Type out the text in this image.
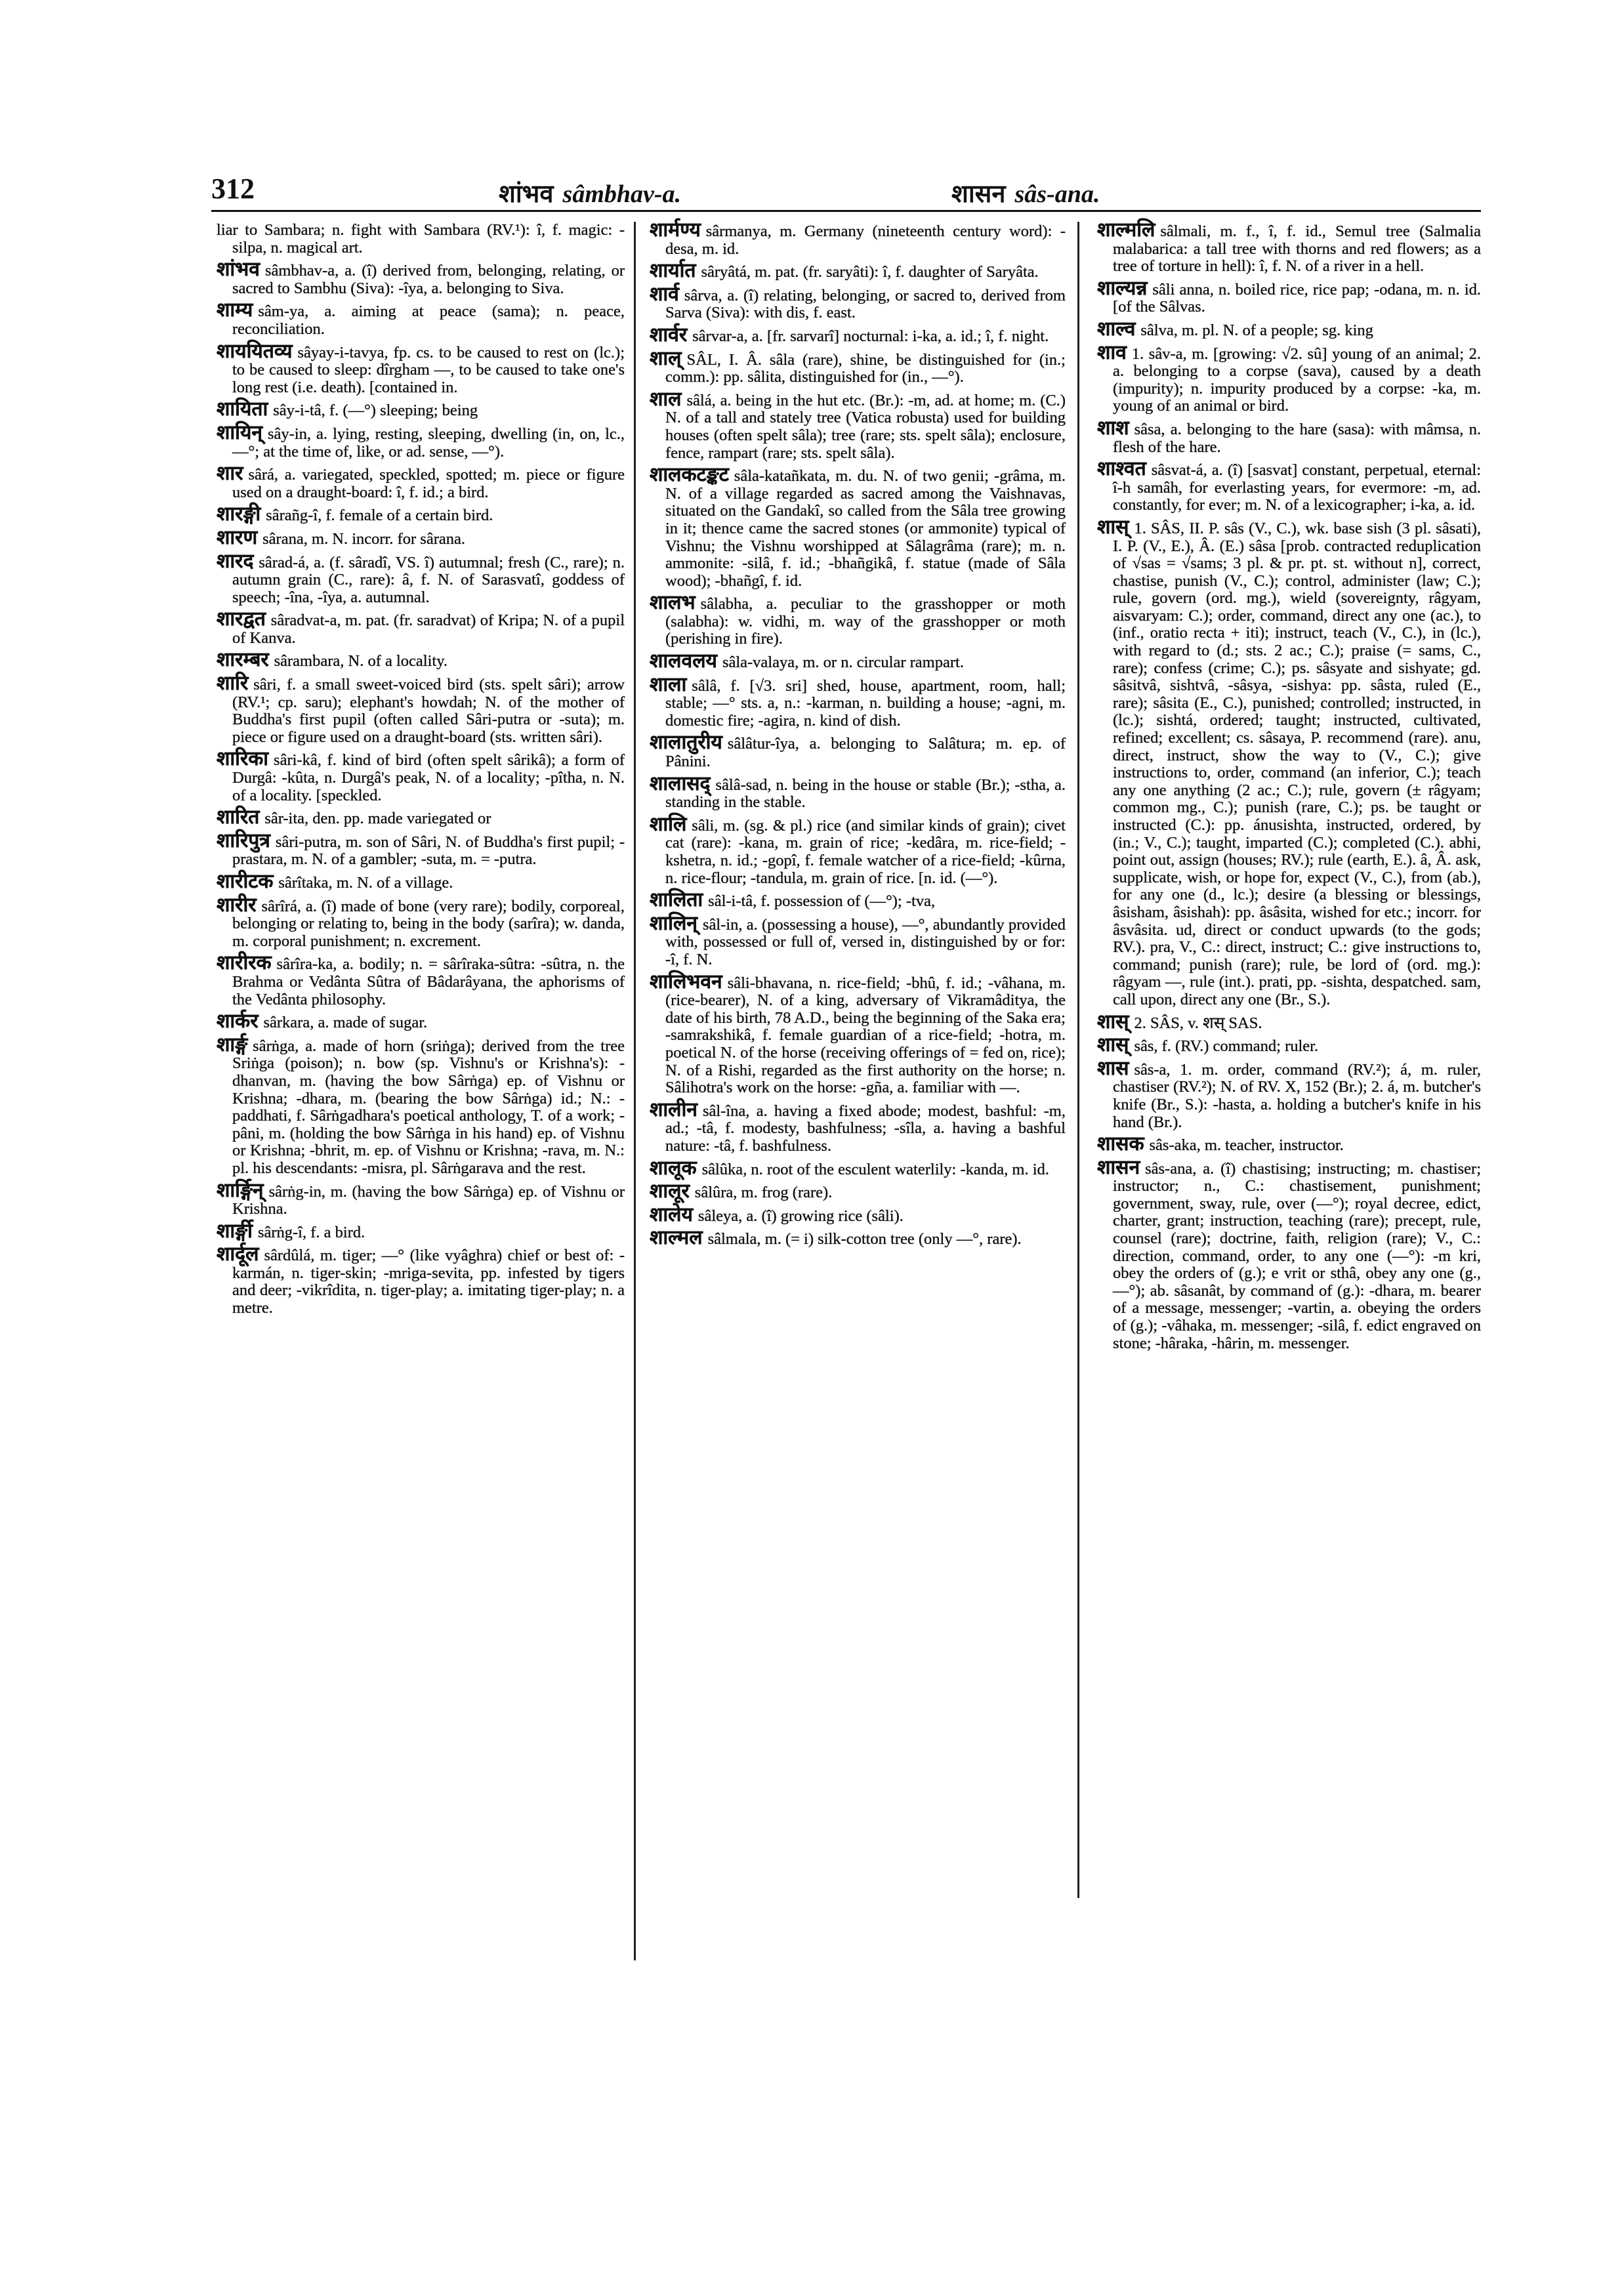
312	शांभव sâmbhav-a.	शासन sâs-ana.
liar to Sambara; n. fight with Sambara (RV.¹): î, f. magic: -silpa, n. magical art.
शांभव sâmbhav-a, a. (î) derived from, belonging, relating, or sacred to Sambhu (Siva): -îya, a. belonging to Siva.
शाम्य sâm-ya, a. aiming at peace (sama); n. peace, reconciliation.
शाययितव्य sâyay-i-tavya, fp. cs. to be caused to rest on (lc.); to be caused to sleep: dîrgham —, to be caused to take one's long rest (i.e. death). [contained in.
शायिता sây-i-tâ, f. (—°) sleeping; being
शायिन् sây-in, a. lying, resting, sleeping, dwelling (in, on, lc., —°; at the time of, like, or ad. sense, —°).
शार sârá, a. variegated, speckled, spotted; m. piece or figure used on a draught-board: î, f. id.; a bird.
शारङ्गी sârañg-î, f. female of a certain bird.
शारण sârana, m. N. incorr. for sârana.
शारद sârad-á, a. (f. sâradî, VS. î) autumnal; fresh (C., rare); n. autumn grain (C., rare): â, f. N. of Sarasvatî, goddess of speech; -îna, -îya, a. autumnal.
शारद्वत sâradvat-a, m. pat. (fr. saradvat) of Kripa; N. of a pupil of Kanva.
शारम्बर sârambara, N. of a locality.
शारि sâri, f. a small sweet-voiced bird (sts. spelt sâri); arrow (RV.¹; cp. saru); elephant's howdah; N. of the mother of Buddha's first pupil (often called Sâri-putra or -suta); m. piece or figure used on a draught-board (sts. written sâri).
शारिका sâri-kâ, f. kind of bird (often spelt sârikâ); a form of Durgâ: -kûta, n. Durgâ's peak, N. of a locality; -pîtha, n. N. of a locality. [speckled.
शारित sâr-ita, den. pp. made variegated or
शारिपुत्र sâri-putra, m. son of Sâri, N. of Buddha's first pupil; -prastara, m. N. of a gambler; -suta, m. = -putra.
शारीटक sârîtaka, m. N. of a village.
शारीर sârîrá, a. (î) made of bone (very rare); bodily, corporeal, belonging or relating to, being in the body (sarîra); w. danda, m. corporal punishment; n. excrement.
शारीरक sârîra-ka, a. bodily; n. = sârîraka-sûtra: -sûtra, n. the Brahma or Vedânta Sûtra of Bâdarâyana, the aphorisms of the Vedânta philosophy.
शार्कर sârkara, a. made of sugar.
शार्ङ्ग sârṅga, a. made of horn (sriṅga); derived from the tree Sriṅga (poison); n. bow (sp. Vishnu's or Krishna's): -dhanvan, m. (having the bow Sârṅga) ep. of Vishnu or Krishna; -dhara, m. (bearing the bow Sârṅga) id.; N.: -paddhati, f. Sârṅgadhara's poetical anthology, T. of a work; -pâni, m. (holding the bow Sârṅga in his hand) ep. of Vishnu or Krishna; -bhrit, m. ep. of Vishnu or Krishna; -rava, m. N.: pl. his descendants: -misra, pl. Sârṅgarava and the rest.
शार्ङ्गिन् sârṅg-in, m. (having the bow Sârṅga) ep. of Vishnu or Krishna.
शार्ङ्गी sârṅg-î, f. a bird.
शार्दूल sârdûlá, m. tiger; —° (like vyâghra) chief or best of: -karmán, n. tiger-skin; -mriga-sevita, pp. infested by tigers and deer; -vikrîdita, n. tiger-play; a. imitating tiger-play; n. a metre.
शार्मण्य sârmanya, m. Germany (nineteenth century word): -desa, m. id.
शार्यात sâryâtá, m. pat. (fr. saryâti): î, f. daughter of Saryâta.
शार्व sârva, a. (î) relating, belonging, or sacred to, derived from Sarva (Siva): with dis, f. east.
शार्वर sârvar-a, a. [fr. sarvarî] nocturnal: i-ka, a. id.; î, f. night.
शाल् SÂL, I. Â. sâla (rare), shine, be distinguished for (in.; comm.): pp. sâlita, distinguished for (in., —°).
शाल sâlá, a. being in the hut etc. (Br.): -m, ad. at home; m. (C.) N. of a tall and stately tree (Vatica robusta) used for building houses (often spelt sâla); tree (rare; sts. spelt sâla); enclosure, fence, rampart (rare; sts. spelt sâla).
शालकटङ्कट sâla-katañkata, m. du. N. of two genii; -grâma, m. N. of a village regarded as sacred among the Vaishnavas, situated on the Gandakî, so called from the Sâla tree growing in it; thence came the sacred stones (or ammonite) typical of Vishnu; the Vishnu worshipped at Sâlagrâma (rare); m. n. ammonite: -silâ, f. id.; -bhañgikâ, f. statue (made of Sâla wood); -bhañgî, f. id.
शालभ sâlabha, a. peculiar to the grasshopper or moth (salabha): w. vidhi, m. way of the grasshopper or moth (perishing in fire).
शालवलय sâla-valaya, m. or n. circular rampart.
शाला sâlâ, f. [√3. sri] shed, house, apartment, room, hall; stable; —° sts. a, n.: -karman, n. building a house; -agni, m. domestic fire; -agira, n. kind of dish.
शालातुरीय sâlâtur-îya, a. belonging to Salâtura; m. ep. of Pânini.
शालासद् sâlâ-sad, n. being in the house or stable (Br.); -stha, a. standing in the stable.
शालि sâli, m. (sg. & pl.) rice (and similar kinds of grain); civet cat (rare): -kana, m. grain of rice; -kedâra, m. rice-field; -kshetra, n. id.; -gopî, f. female watcher of a rice-field; -kûrna, n. rice-flour; -tandula, m. grain of rice. [n. id. (—°).
शालिता sâl-i-tâ, f. possession of (—°); -tva,
शालिन् sâl-in, a. (possessing a house), —°, abundantly provided with, possessed or full of, versed in, distinguished by or for: -î, f. N.
शालिभवन sâli-bhavana, n. rice-field; -bhû, f. id.; -vâhana, m. (rice-bearer), N. of a king, adversary of Vikramâditya, the date of his birth, 78 A.D., being the beginning of the Saka era; -samrakshikâ, f. female guardian of a rice-field; -hotra, m. poetical N. of the horse (receiving offerings of = fed on, rice); N. of a Rishi, regarded as the first authority on the horse; n. Sâlihotra's work on the horse: -gña, a. familiar with —.
शालीन sâl-îna, a. having a fixed abode; modest, bashful: -m, ad.; -tâ, f. modesty, bashfulness; -sîla, a. having a bashful nature: -tâ, f. bashfulness.
शालूक sâlûka, n. root of the esculent waterlily: -kanda, m. id.
शालूर sâlûra, m. frog (rare).
शालेय sâleya, a. (î) growing rice (sâli).
शाल्मल sâlmala, m. (= i) silk-cotton tree (only —°, rare).
शाल्मलि sâlmali, m. f., î, f. id., Semul tree (Salmalia malabarica: a tall tree with thorns and red flowers; as a tree of torture in hell): î, f. N. of a river in a hell.
शाल्यन्न sâli anna, n. boiled rice, rice pap; -odana, m. n. id. [of the Sâlvas.
शाल्व sâlva, m. pl. N. of a people; sg. king
शाव 1. sâv-a, m. [growing: √2. sû] young of an animal; 2. a. belonging to a corpse (sava), caused by a death (impurity); n. impurity produced by a corpse: -ka, m. young of an animal or bird.
शाश sâsa, a. belonging to the hare (sasa): with mâmsa, n. flesh of the hare.
शाश्वत sâsvat-á, a. (î) [sasvat] constant, perpetual, eternal: î-h samâh, for everlasting years, for evermore: -m, ad. constantly, for ever; m. N. of a lexicographer; i-ka, a. id.
शास् 1. SÂS, II. P. sâs (V., C.), wk. base sish (3 pl. sâsati), I. P. (V., E.), Â. (E.) sâsa [prob. contracted reduplication of √sas = √sams; 3 pl. & pr. pt. st. without n], correct, chastise, punish (V., C.); control, administer (law; C.); rule, govern (ord. mg.), wield (sovereignty, râgyam, aisvaryam: C.); order, command, direct any one (ac.), to (inf., oratio recta + iti); instruct, teach (V., C.), in (lc.), with regard to (d.; sts. 2 ac.; C.); praise (= sams, C., rare); confess (crime; C.); ps. sâsyate and sishyate; gd. sâsitvâ, sishtvâ, -sâsya, -sishya: pp. sâsta, ruled (E., rare); sâsita (E., C.), punished; controlled; instructed, in (lc.); sishtá, ordered; taught; instructed, cultivated, refined; excellent; cs. sâsaya, P. recommend (rare). anu, direct, instruct, show the way to (V., C.); give instructions to, order, command (an inferior, C.); teach any one anything (2 ac.; C.); rule, govern (± râgyam; common mg., C.); punish (rare, C.); ps. be taught or instructed (C.): pp. ánusishta, instructed, ordered, by (in.; V., C.); taught, imparted (C.); completed (C.). abhi, point out, assign (houses; RV.); rule (earth, E.). â, Â. ask, supplicate, wish, or hope for, expect (V., C.), from (ab.), for any one (d., lc.); desire (a blessing or blessings, âsisham, âsishah): pp. âsâsita, wished for etc.; incorr. for âsvâsita. ud, direct or conduct upwards (to the gods; RV.). pra, V., C.: direct, instruct; C.: give instructions to, command; punish (rare); rule, be lord of (ord. mg.): râgyam —, rule (int.). prati, pp. -sishta, despatched. sam, call upon, direct any one (Br., S.).
शास् 2. SÂS, v. शस् SAS.
शास् sâs, f. (RV.) command; ruler.
शास sâs-a, 1. m. order, command (RV.²); á, m. ruler, chastiser (RV.²); N. of RV. X, 152 (Br.); 2. á, m. butcher's knife (Br., S.): -hasta, a. holding a butcher's knife in his hand (Br.).
शासक sâs-aka, m. teacher, instructor.
शासन sâs-ana, a. (î) chastising; instructing; m. chastiser; instructor; n., C.: chastisement, punishment; government, sway, rule, over (—°); royal decree, edict, charter, grant; instruction, teaching (rare); precept, rule, counsel (rare); doctrine, faith, religion (rare); V., C.: direction, command, order, to any one (—°): -m kri, obey the orders of (g.); e vrit or sthâ, obey any one (g., —°); ab. sâsanât, by command of (g.): -dhara, m. bearer of a message, messenger; -vartin, a. obeying the orders of (g.); -vâhaka, m. messenger; -silâ, f. edict engraved on stone; -hâraka, -hârin, m. messenger.
